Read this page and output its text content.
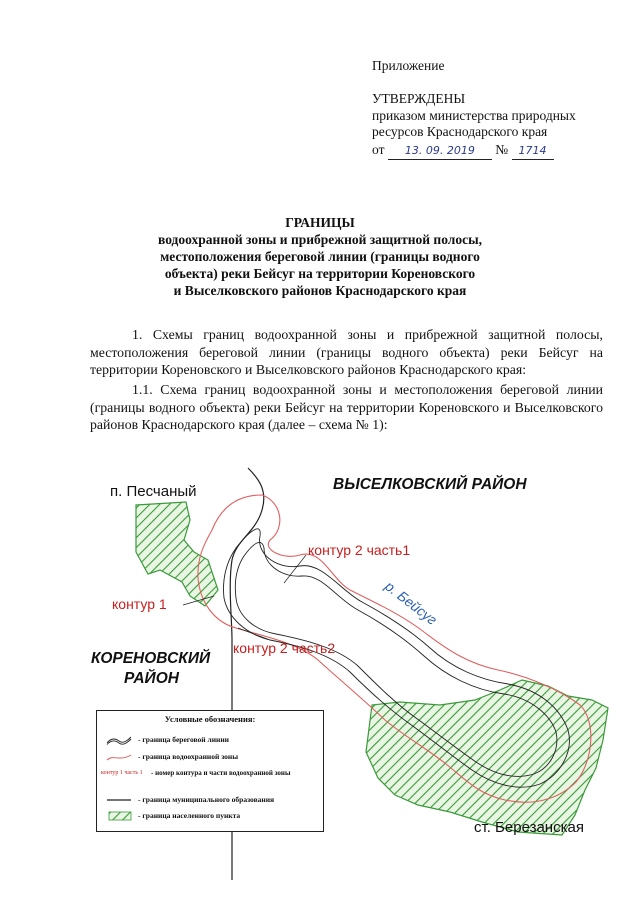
Приложение
УТВЕРЖДЕНЫ
приказом министерства природных
ресурсов Краснодарского края
от 13. 09. 2019 № 1714
ГРАНИЦЫ
водоохранной зоны и прибрежной защитной полосы,
местоположения береговой линии (границы водного
объекта) реки Бейсуг на территории Кореновского
и Выселковского районов Краснодарского края
1. Схемы границ водоохранной зоны и прибрежной защитной полосы, местоположения береговой линии (границы водного объекта) реки Бейсуг на территории Кореновского и Выселковского районов Краснодарского края:
1.1. Схема границ водоохранной зоны и местоположения береговой линии (границы водного объекта) реки Бейсуг на территории Кореновского и Выселковского районов Краснодарского края (далее – схема № 1):
п. Песчаный	ВЫСЕЛКОВСКИЙ РАЙОН
контур 2 часть1
контур 1
контур 2 часть2
р. Бейсуг
КОРЕНОВСКИЙ
РАЙОН
ст. Березанская
Условные обозначения:
- граница береговой линии
- граница водоохранной зоны
контур 1 часть 1 - номер контура и части водоохранной зоны
- граница муниципального образования
- граница населенного пункта
